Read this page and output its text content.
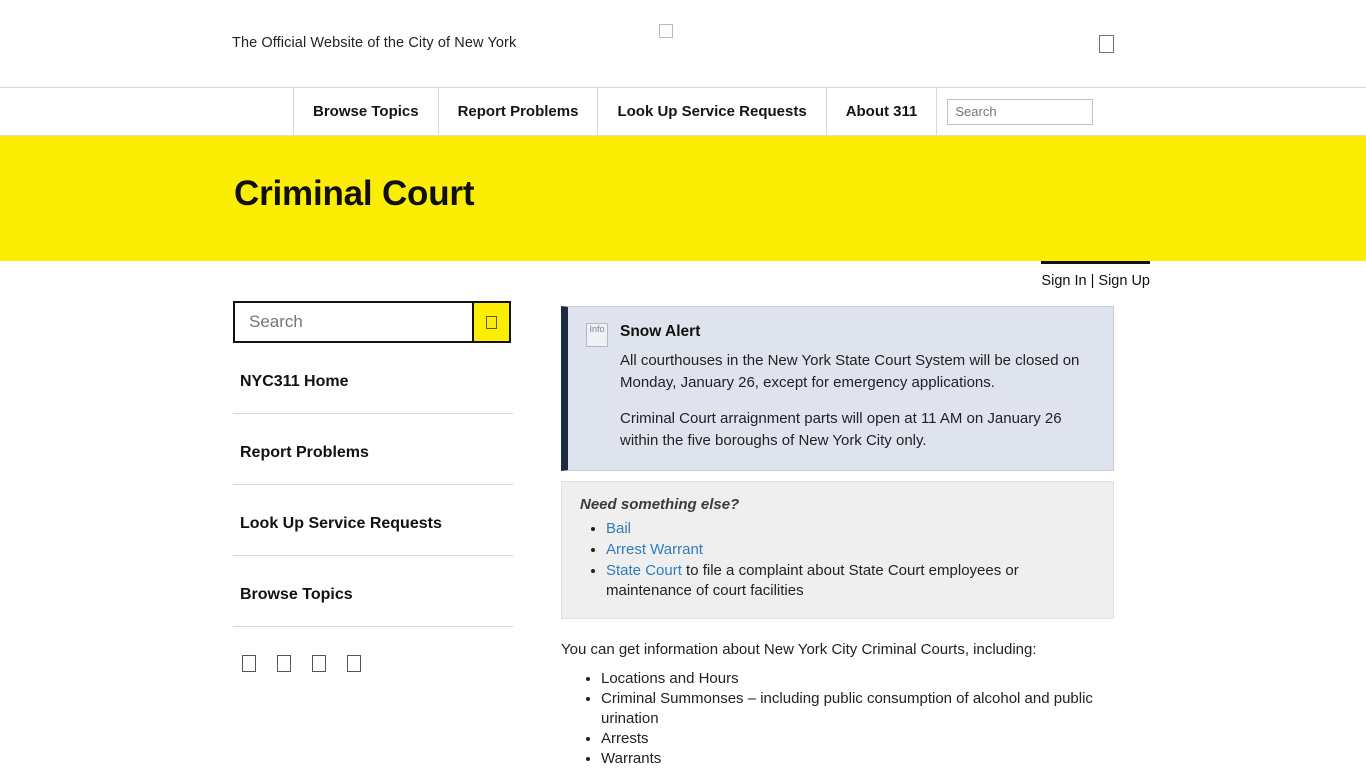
The Official Website of the City of New York
Browse Topics	Report Problems	Look Up Service Requests	About 311
Search
Criminal Court
Sign In | Sign Up
Search
NYC311 Home
Report Problems
Look Up Service Requests
Browse Topics
Info Snow Alert

All courthouses in the New York State Court System will be closed on Monday, January 26, except for emergency applications.

Criminal Court arraignment parts will open at 11 AM on January 26 within the five boroughs of New York City only.

Need something else?
• Bail
• Arrest Warrant
• State Court to file a complaint about State Court employees or maintenance of court facilities
You can get information about New York City Criminal Courts, including:
• Locations and Hours
• Criminal Summonses – including public consumption of alcohol and public urination
• Arrests
• Warrants
